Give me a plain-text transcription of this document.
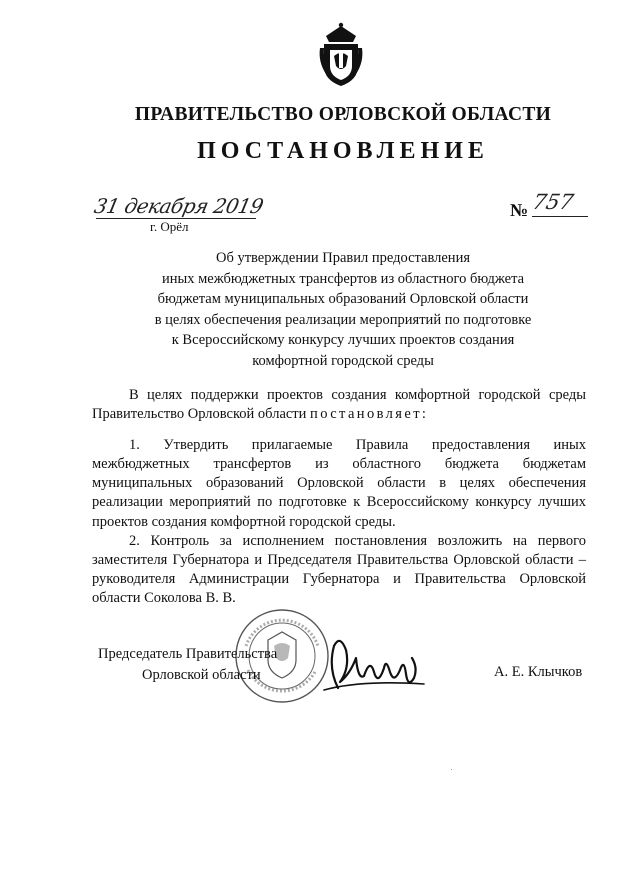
ПРАВИТЕЛЬСТВО ОРЛОВСКОЙ ОБЛАСТИ
ПОСТАНОВЛЕНИЕ
31 декабря 2019
г. Орёл
№ 757
Об утверждении Правил предоставления
иных межбюджетных трансфертов из областного бюджета
бюджетам муниципальных образований Орловской области
в целях обеспечения реализации мероприятий по подготовке
к Всероссийскому конкурсу лучших проектов создания
комфортной городской среды

В целях поддержки проектов создания комфортной городской среды Правительство Орловской области постановляет:

1. Утвердить прилагаемые Правила предоставления иных межбюджетных трансфертов из областного бюджета бюджетам муниципальных образований Орловской области в целях обеспечения реализации мероприятий по подготовке к Всероссийскому конкурсу лучших проектов создания комфортной городской среды.

2. Контроль за исполнением постановления возложить на первого заместителя Губернатора и Председателя Правительства Орловской области – руководителя Администрации Губернатора и Правительства Орловской области Соколова В. В.

Председатель Правительства
Орловской области	А. Е. Клычков
